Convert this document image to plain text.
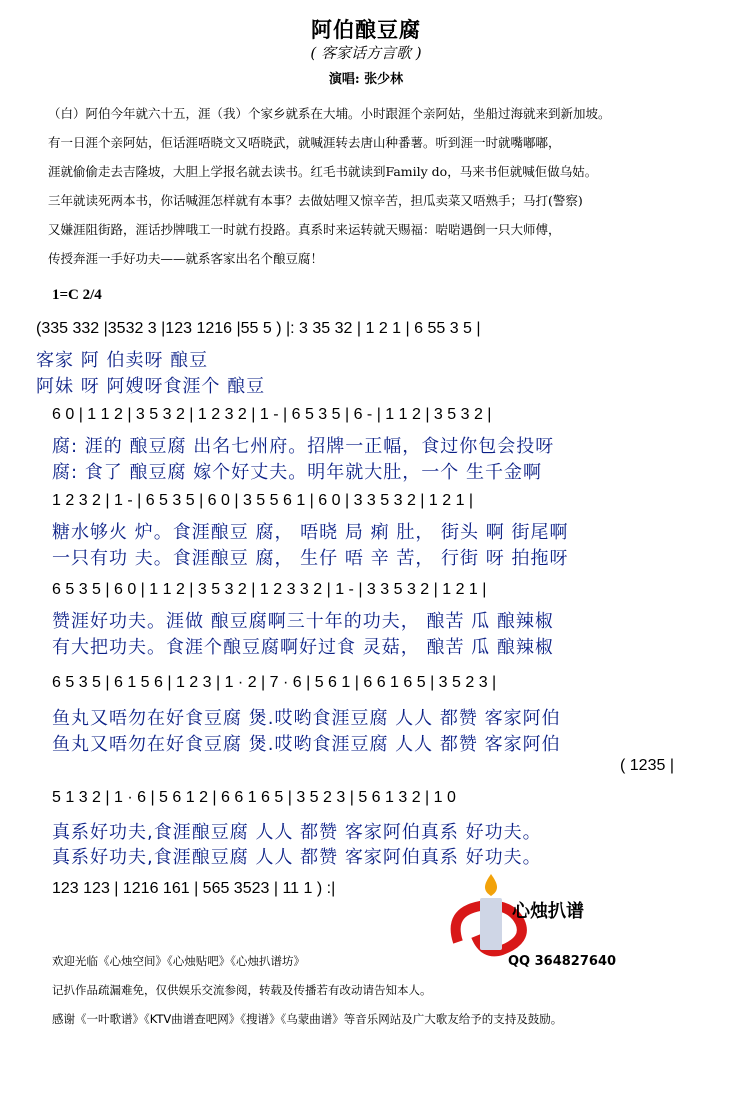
阿伯酿豆腐
( 客家话方言歌 )
演唱: 张少林
（白）阿伯今年就六十五，涯（我）个家乡就系在大埔。小时跟涯个亲阿姑，坐船过海就来到新加坡。
有一日涯个亲阿姑，佢话涯唔晓文又唔晓武，就喊涯转去唐山种番薯。听到涯一时就嘴嘟嘟，
涯就偷偷走去吉隆坡，大胆上学报名就去读书。红毛书就读到Family do，马来书佢就喊佢做乌姑。
三年就读死两本书，你话喊涯怎样就有本事？去做姑哩又惊辛苦，担瓜卖菜又唔熟手；马打(警察)
又嫌涯阻街路，涯话抄牌哦工一时就冇投路。真系时来运转就天赐福：啱啱遇倒一只大师傅，
传授奔涯一手好功夫——就系客家出名个酿豆腐！
1=C 2/4
(335 332 |3532 3 |123 1216 |55 5 ) |: 3 35 32 | 1 2 1 | 6 55 3 5 |
客家 阿 伯卖呀 酿豆
阿妹 呀 阿嫂呀食涯个 酿豆
6 0 | 1 1 2 | 3 5 3 2 | 1 2 3 2 | 1 - | 6 5 3 5 | 6 - | 1 1 2 | 3 5 3 2 |
腐: 涯的 酿豆腐 出名七州府。招牌一正幅，食过你包会投呀
腐: 食了 酿豆腐 嫁个好丈夫。明年就大肚，一个 生千金啊
1 2 3 2 | 1 - | 6 5 3 5 | 6 0 | 3 5 5 6 1 | 6 0 | 3 3 5 3 2 | 1 2 1 |
糖水够火 炉。食涯酿豆 腐， 唔晓 局 痢 肚， 街头 啊 街尾啊
一只有功 夫。食涯酿豆 腐， 生仔 唔 辛 苦， 行街 呀 拍拖呀
6 5 3 5 | 6 0 | 1 1 2 | 3 5 3 2 | 1 2 3 3 2 | 1 - | 3 3 5 3 2 | 1 2 1 |
赞涯好功夫。涯做 酿豆腐啊三十年的功夫， 酿苦 瓜 酿辣椒
有大把功夫。食涯个酿豆腐啊好过食 灵菇， 酿苦 瓜 酿辣椒
6 5 3 5 | 6 1 5 6 | 1 2 3 | 1 · 2 | 7 · 6 | 5 6 1 | 6 6 1 6 5 | 3 5 2 3 |
鱼丸又唔勿在好食豆腐 煲.哎哟食涯豆腐 人人 都赞 客家阿伯
鱼丸又唔勿在好食豆腐 煲.哎哟食涯豆腐 人人 都赞 客家阿伯
( 1235 |
5 1 3 2 | 1 · 6 | 5 6 1 2 | 6 6 1 6 5 | 3 5 2 3 | 5 6 1 3 2 | 1 0
真系好功夫,食涯酿豆腐 人人 都赞 客家阿伯真系 好功夫。
真系好功夫,食涯酿豆腐 人人 都赞 客家阿伯真系 好功夫。
123 123 | 1216 161 | 565 3523 | 11 1 ) :|
心烛扒谱
QQ 364827640
欢迎光临《心烛空间》《心烛贴吧》《心烛扒谱坊》
记扒作品疏漏难免，仅供娱乐交流参阅，转载及传播若有改动请告知本人。
感谢《一叶歌谱》《KTV曲谱查吧网》《搜谱》《乌蒙曲谱》等音乐网站及广大歌友给予的支持及鼓励。
